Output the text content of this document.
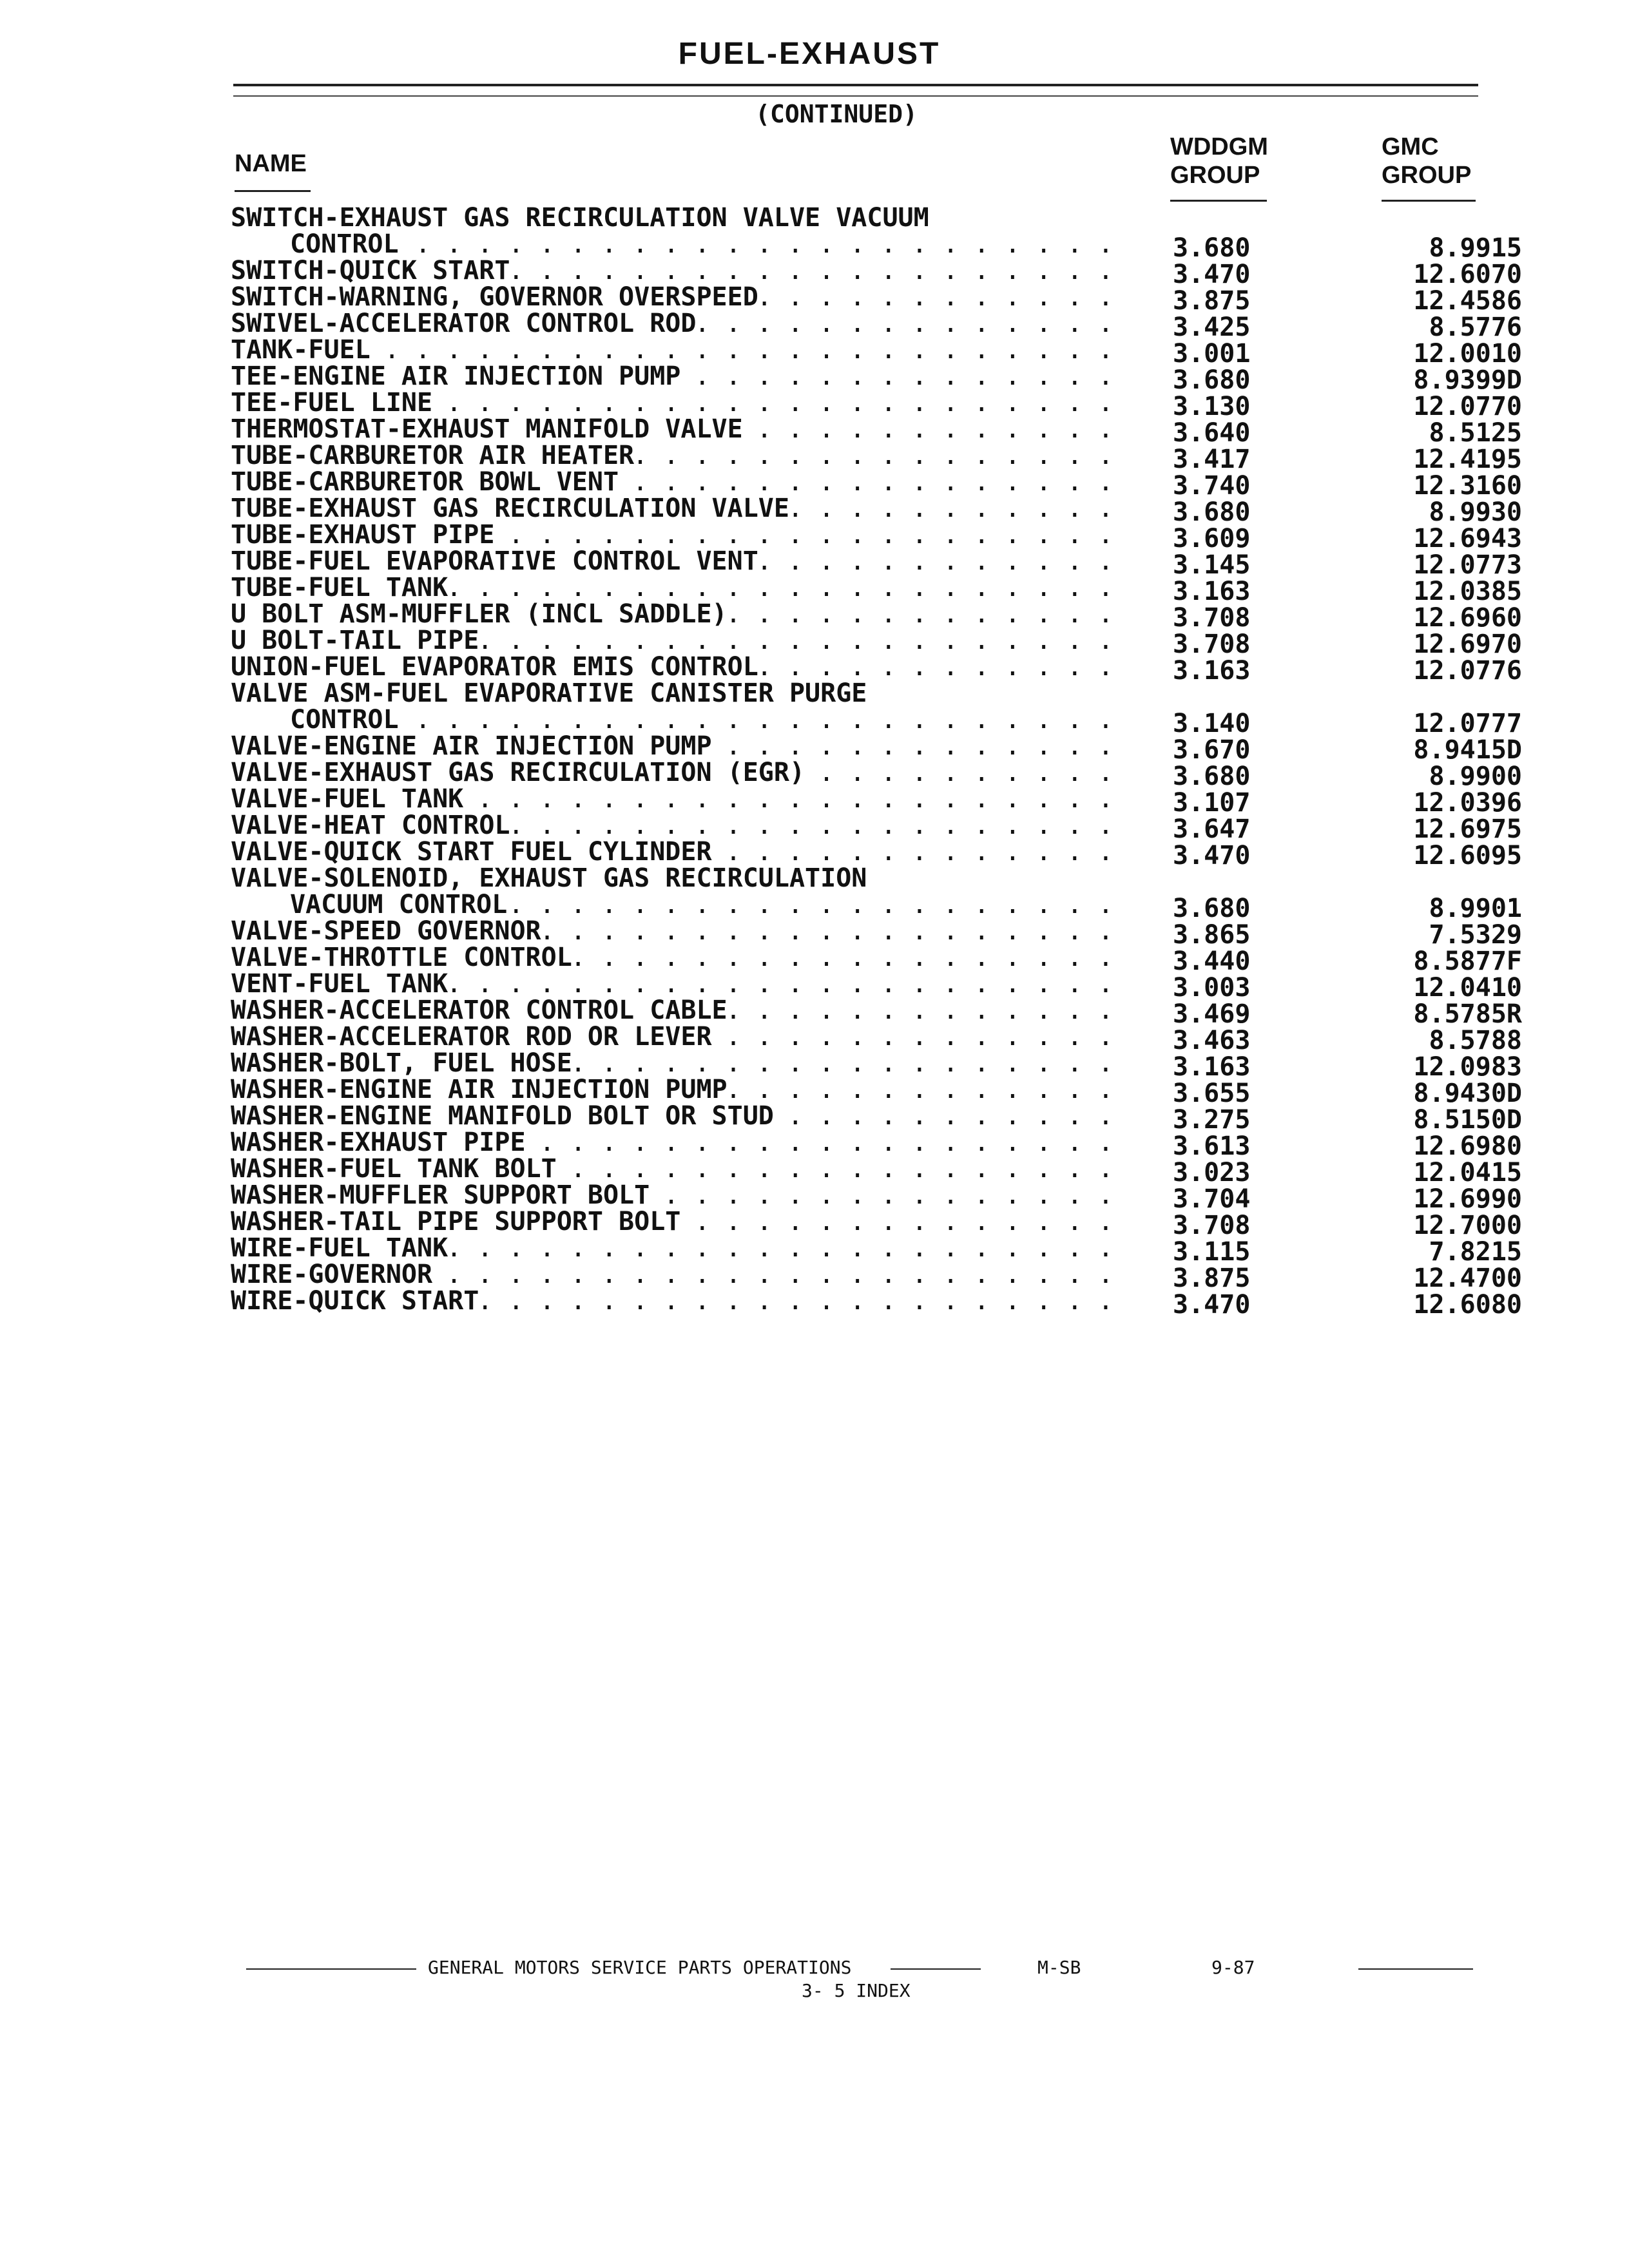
FUEL-EXHAUST
(CONTINUED)
NAME
WDDGM
GROUP
GMC
GROUP
SWITCH-EXHAUST GAS RECIRCULATION VALVE VACUUM
CONTROL . . .	3.680	8.9915
SWITCH-QUICK START . . .	3.470	12.6070
SWITCH-WARNING, GOVERNOR OVERSPEED . . .	3.875	12.4586
SWIVEL-ACCELERATOR CONTROL ROD . . .	3.425	8.5776
TANK-FUEL . . .	3.001	12.0010
TEE-ENGINE AIR INJECTION PUMP . . .	3.680	8.9399D
TEE-FUEL LINE . . .	3.130	12.0770
THERMOSTAT-EXHAUST MANIFOLD VALVE . . .	3.640	8.5125
TUBE-CARBURETOR AIR HEATER . . .	3.417	12.4195
TUBE-CARBURETOR BOWL VENT . . .	3.740	12.3160
TUBE-EXHAUST GAS RECIRCULATION VALVE . . .	3.680	8.9930
TUBE-EXHAUST PIPE . . .	3.609	12.6943
TUBE-FUEL EVAPORATIVE CONTROL VENT . . .	3.145	12.0773
TUBE-FUEL TANK . . .	3.163	12.0385
U BOLT ASM-MUFFLER (INCL SADDLE) . . .	3.708	12.6960
U BOLT-TAIL PIPE . . .	3.708	12.6970
UNION-FUEL EVAPORATOR EMIS CONTROL . . .	3.163	12.0776
VALVE ASM-FUEL EVAPORATIVE CANISTER PURGE
CONTROL . . .	3.140	12.0777
VALVE-ENGINE AIR INJECTION PUMP . . .	3.670	8.9415D
VALVE-EXHAUST GAS RECIRCULATION (EGR) . . .	3.680	8.9900
VALVE-FUEL TANK . . .	3.107	12.0396
VALVE-HEAT CONTROL . . .	3.647	12.6975
VALVE-QUICK START FUEL CYLINDER . . .	3.470	12.6095
VALVE-SOLENOID, EXHAUST GAS RECIRCULATION
VACUUM CONTROL . . .	3.680	8.9901
VALVE-SPEED GOVERNOR . . .	3.865	7.5329
VALVE-THROTTLE CONTROL . . .	3.440	8.5877F
VENT-FUEL TANK . . .	3.003	12.0410
WASHER-ACCELERATOR CONTROL CABLE . . .	3.469	8.5785R
WASHER-ACCELERATOR ROD OR LEVER . . .	3.463	8.5788
WASHER-BOLT, FUEL HOSE . . .	3.163	12.0983
WASHER-ENGINE AIR INJECTION PUMP . . .	3.655	8.9430D
WASHER-ENGINE MANIFOLD BOLT OR STUD . . .	3.275	8.5150D
WASHER-EXHAUST PIPE . . .	3.613	12.6980
WASHER-FUEL TANK BOLT . . .	3.023	12.0415
WASHER-MUFFLER SUPPORT BOLT . . .	3.704	12.6990
WASHER-TAIL PIPE SUPPORT BOLT . . .	3.708	12.7000
WIRE-FUEL TANK . . .	3.115	7.8215
WIRE-GOVERNOR . . .	3.875	12.4700
WIRE-QUICK START . . .	3.470	12.6080
GENERAL MOTORS SERVICE PARTS OPERATIONS	M-SB	9-87
3- 5 INDEX
